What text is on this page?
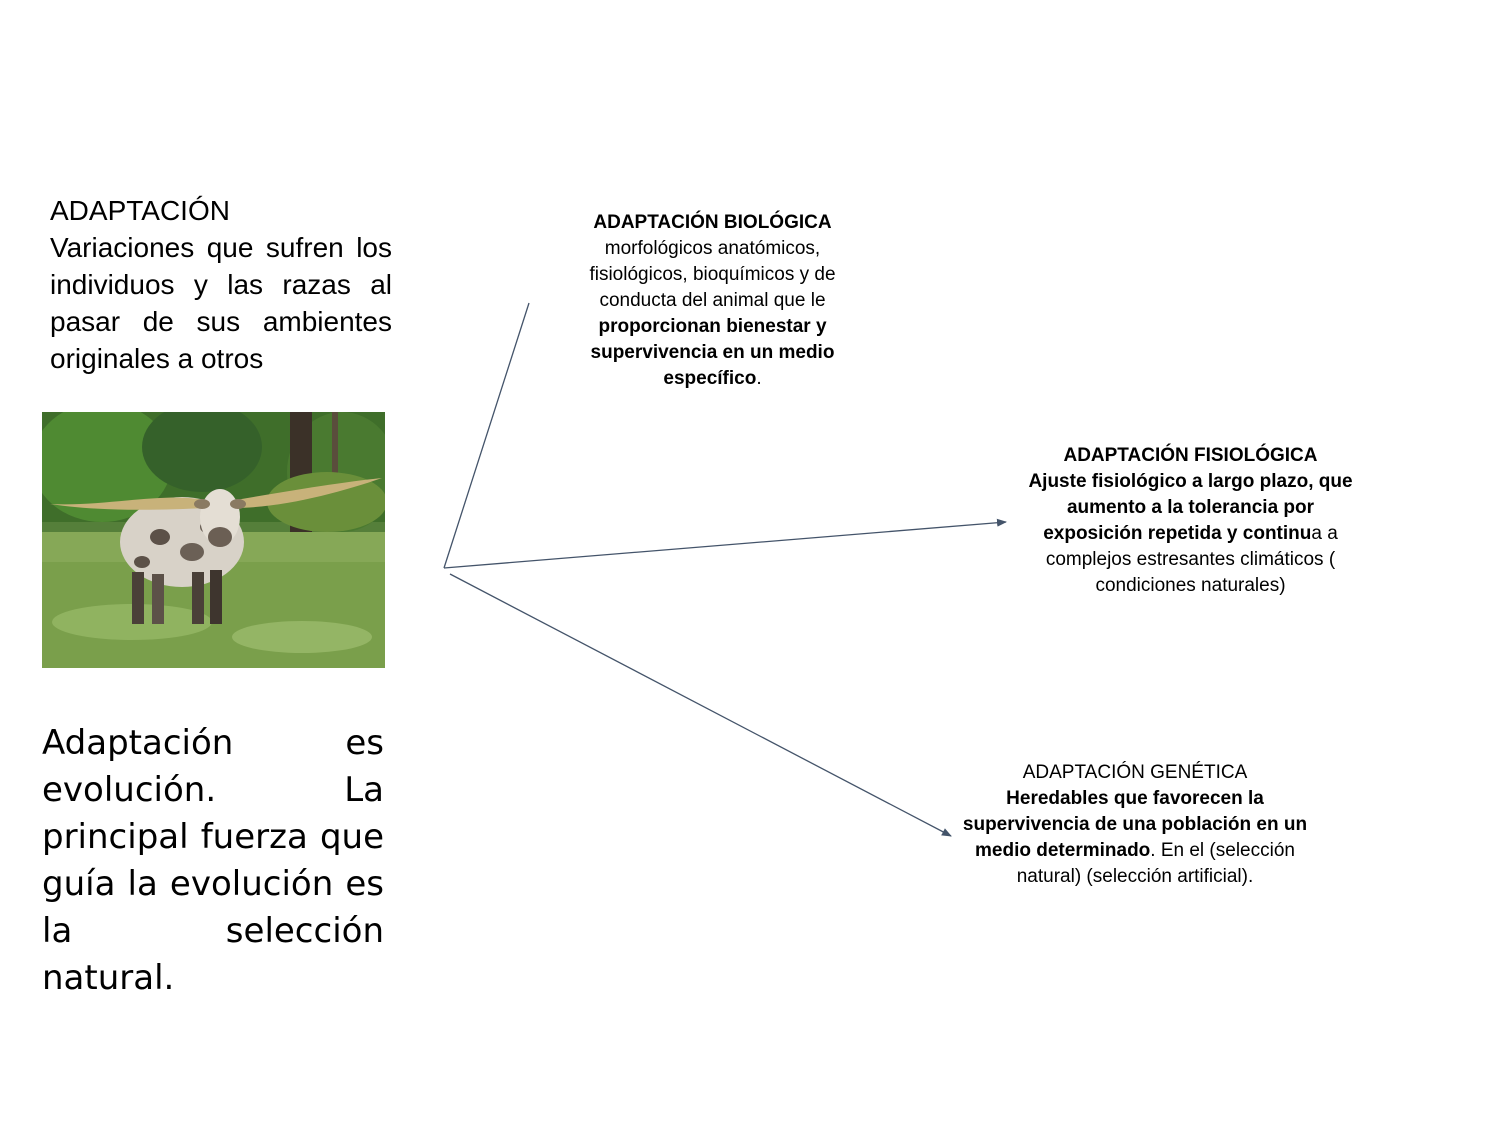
ADAPTACIÓN
Variaciones que sufren los individuos y las razas al pasar de sus ambientes originales a otros
Adaptación es evolución. La principal fuerza que guía la evolución es la selección natural.
ADAPTACIÓN BIOLÓGICA
morfológicos anatómicos, fisiológicos, bioquímicos y de conducta del animal que le proporcionan bienestar y supervivencia en un medio específico.
ADAPTACIÓN FISIOLÓGICA
Ajuste fisiológico a largo plazo, que aumento a la tolerancia por exposición repetida y continua a complejos estresantes climáticos ( condiciones naturales)
ADAPTACIÓN GENÉTICA
Heredables que favorecen la supervivencia de una población en un medio determinado. En el (selección natural) (selección artificial).
